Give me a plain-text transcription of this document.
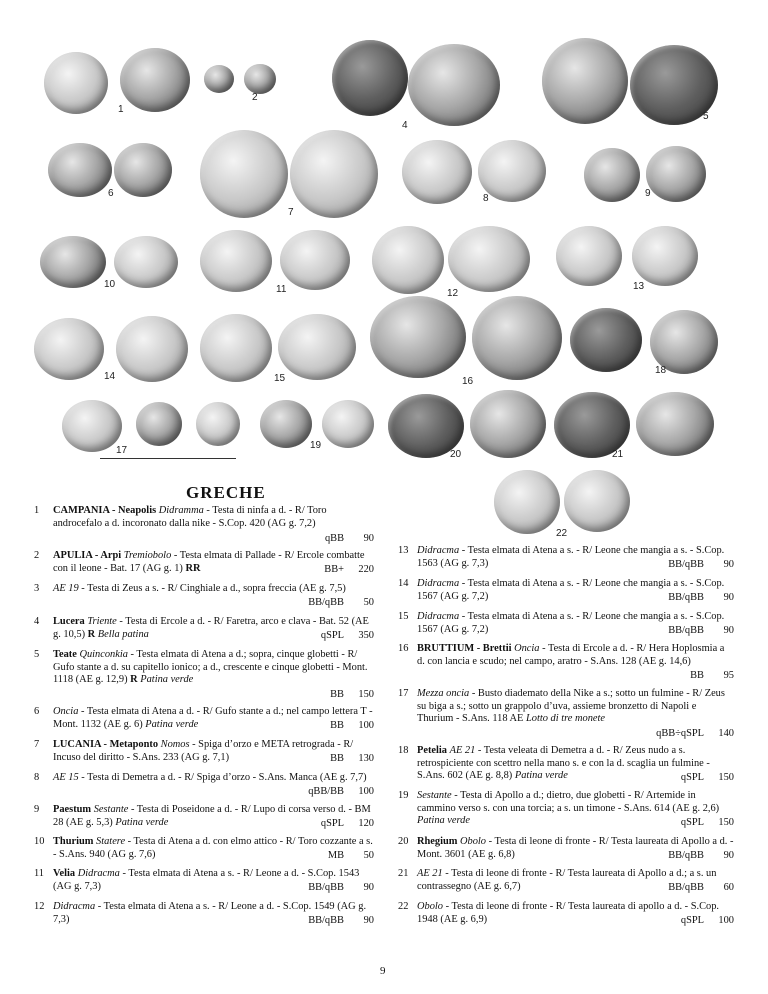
1
2
4
5
6
7
8	9
10	11	12
13
14	15	16
18
17	19
20	21
22
GRECHE
1 CAMPANIA - Neapolis Didramma - Testa di ninfa a d. - R/ Toro androcefalo a d. incoronato dalla nike - S.Cop. 420 (AG g. 7,2)
qBB 90
2 APULIA - Arpi Tremiobolo - Testa elmata di Pallade - R/ Ercole combatte con il leone - Bat. 17 (AG g. 1) RR	BB+ 220
3 AE 19 - Testa di Zeus a s. - R/ Cinghiale a d., sopra freccia (AE g. 7,5)
BB/qBB 50
4 Lucera Triente - Testa di Ercole a d. - R/ Faretra, arco e clava - Bat. 52 (AE g. 10,5) R Bella patina	qSPL 350
5 Teate Quinconkia - Testa elmata di Atena a d.; sopra, cinque globetti - R/ Gufo stante a d. su capitello ionico; a d., crescente e cinque globetti - Mont. 1118 (AE g. 12,9) R Patina verde
BB 150
6 Oncia - Testa elmata di Atena a d. - R/ Gufo stante a d.; nel campo lettera T - Mont. 1132 (AE g. 6) Patina verde	BB 100
7 LUCANIA - Metaponto Nomos - Spiga d’orzo e META retrograda - R/ Incuso del diritto - S.Ans. 233 (AG g. 7,1)	BB 130
8 AE 15 - Testa di Demetra a d. - R/ Spiga d’orzo - S.Ans. Manca (AE g. 7,7)
qBB/BB 100
9 Paestum Sestante - Testa di Poseidone a d. - R/ Lupo di corsa verso d. - BM 28 (AE g. 5,3) Patina verde	qSPL 120
10 Thurium Statere - Testa di Atena a d. con elmo attico - R/ Toro cozzante a s. - S.Ans. 940 (AG g. 7,6)	MB 50
11 Velia Didracma - Testa elmata di Atena a s. - R/ Leone a d. - S.Cop. 1543 (AG g. 7,3)	BB/qBB 90
12 Didracma - Testa elmata di Atena a s. - R/ Leone a d. - S.Cop. 1549 (AG g. 7,3)	BB/qBB 90
13 Didracma - Testa elmata di Atena a s. - R/ Leone che mangia a s. - S.Cop. 1563 (AG g. 7,3)	BB/qBB 90
14 Didracma - Testa elmata di Atena a s. - R/ Leone che mangia a s. - S.Cop. 1567 (AG g. 7,2)	BB/qBB 90
15 Didracma - Testa elmata di Atena a s. - R/ Leone che mangia a s. - S.Cop. 1567 (AG g. 7,2)	BB/qBB 90
16 BRUTTIUM - Brettii Oncia - Testa di Ercole a d. - R/ Hera Hoplosmia a d. con lancia e scudo; nel campo, aratro - S.Ans. 128 (AE g. 14,6)
BB 95
17 Mezza oncia - Busto diademato della Nike a s.; sotto un fulmine - R/ Zeus su biga a s.; sotto un grappolo d’uva, assieme bronzetto di Napoli e Thurium - S.Ans. 118 AE Lotto di tre monete
qBB÷qSPL 140
18 Petelia AE 21 - Testa veleata di Demetra a d. - R/ Zeus nudo a s. retrospiciente con scettro nella mano s. e con la d. scaglia un fulmine - S.Ans. 602 (AE g. 8,8) Patina verde	qSPL 150
19 Sestante - Testa di Apollo a d.; dietro, due globetti - R/ Artemide in cammino verso s. con una torcia; a s. un timone - S.Ans. 614 (AE g. 2,6) Patina verde	qSPL 150
20 Rhegium Obolo - Testa di leone di fronte - R/ Testa laureata di Apollo a d. - Mont. 3601 (AE g. 6,8)	BB/qBB 90
21 AE 21 - Testa di leone di fronte - R/ Testa laureata di Apollo a d.; a s. un contrassegno (AE g. 6,7)	BB/qBB 60
22 Obolo - Testa di leone di fronte - R/ Testa laureata di apollo a d. - S.Cop. 1948 (AE g. 6,9)	qSPL 100
9
